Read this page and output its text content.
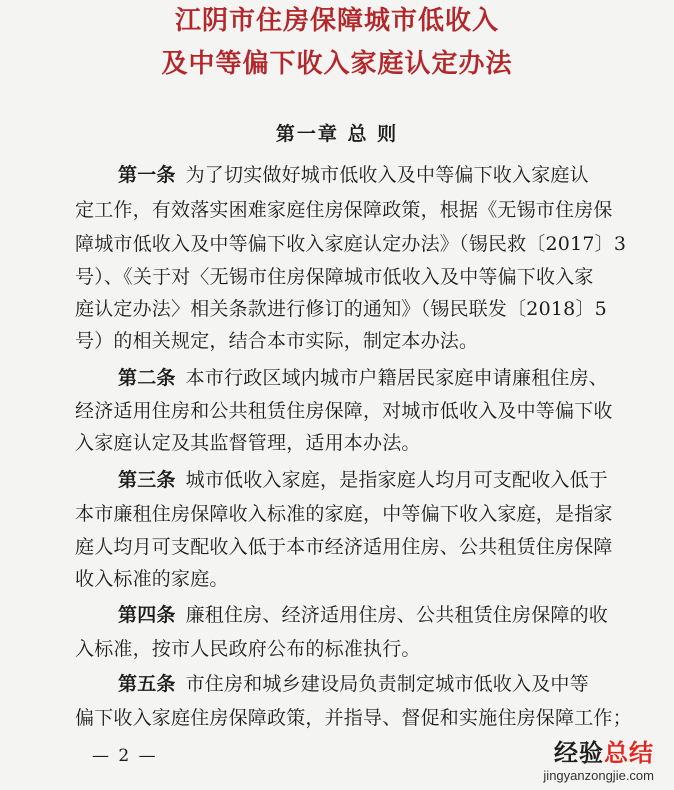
江阴市住房保障城市低收入
及中等偏下收入家庭认定办法
第一章 总 则
第一条 为了切实做好城市低收入及中等偏下收入家庭认
定工作，有效落实困难家庭住房保障政策，根据《无锡市住房保
障城市低收入及中等偏下收入家庭认定办法》（锡民救〔2017〕3
号）、《关于对〈无锡市住房保障城市低收入及中等偏下收入家
庭认定办法〉相关条款进行修订的通知》（锡民联发〔2018〕5
号）的相关规定，结合本市实际，制定本办法。
第二条 本市行政区域内城市户籍居民家庭申请廉租住房、
经济适用住房和公共租赁住房保障，对城市低收入及中等偏下收
入家庭认定及其监督管理，适用本办法。
第三条 城市低收入家庭，是指家庭人均月可支配收入低于
本市廉租住房保障收入标准的家庭，中等偏下收入家庭，是指家
庭人均月可支配收入低于本市经济适用住房、公共租赁住房保障
收入标准的家庭。
第四条 廉租住房、经济适用住房、公共租赁住房保障的收
入标准，按市人民政府公布的标准执行。
第五条 市住房和城乡建设局负责制定城市低收入及中等
偏下收入家庭住房保障政策，并指导、督促和实施住房保障工作；
— 2 —	经验总结
jingyanzongjie.com
